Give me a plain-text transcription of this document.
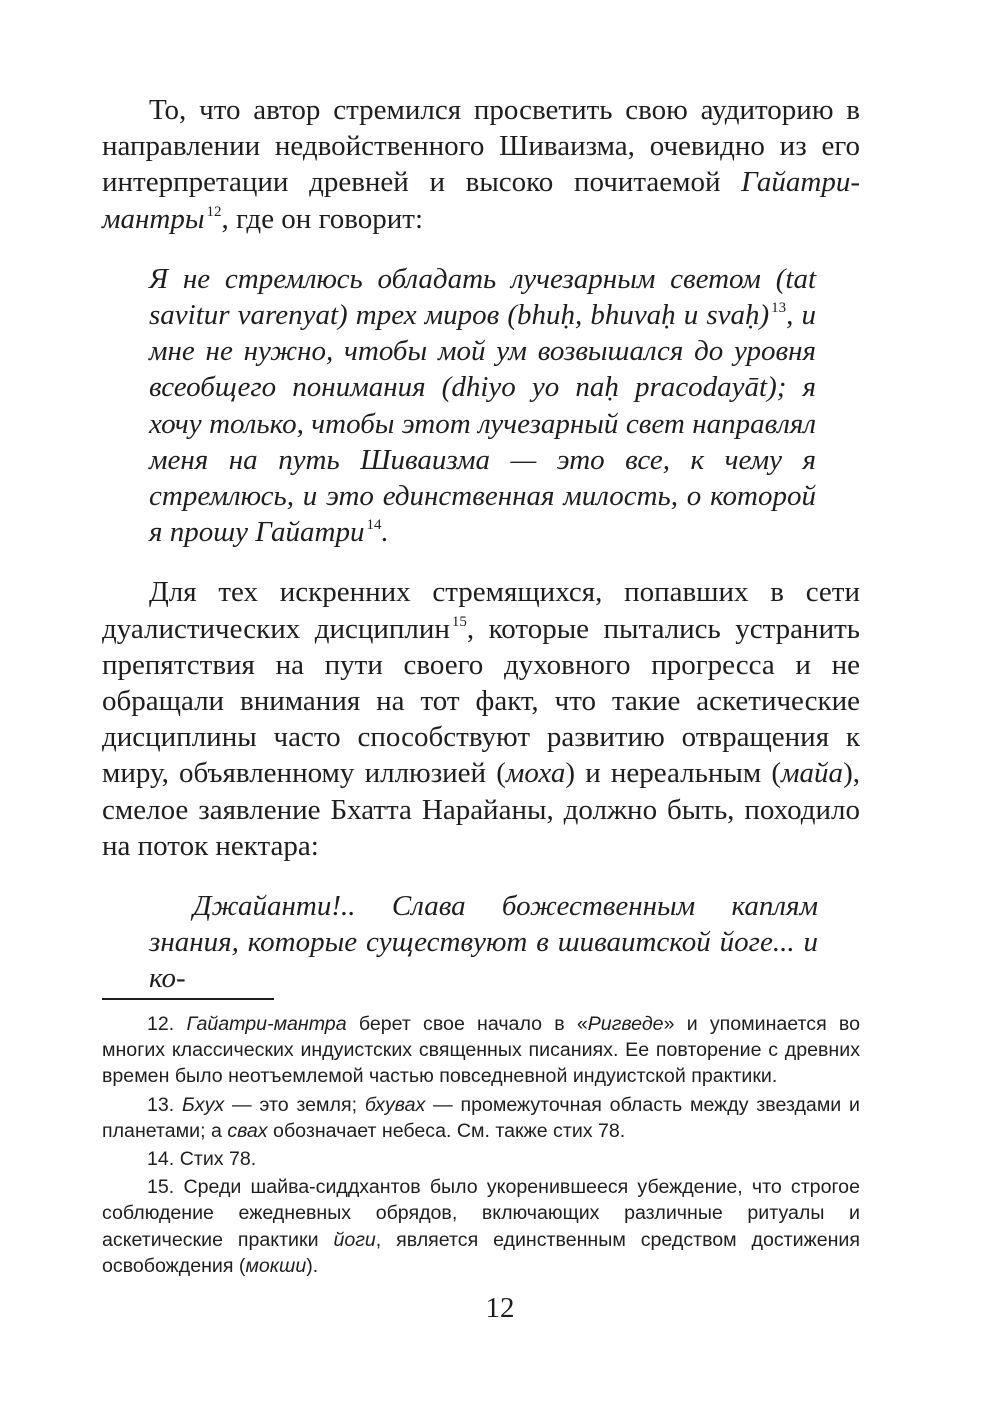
То, что автор стремился просветить свою аудиторию в направлении недвойственного Шиваизма, очевидно из его интерпретации древней и высоко почитаемой Гайатри-мантры $^{12}$, где он говорит:

Я не стремлюсь обладать лучезарным светом (tat savitur varenyat) трех миров (bhuḥ, bhuvaḥ и svaḥ) $^{13}$, и мне не нужно, чтобы мой ум возвышался до уровня всеобщего понимания (dhiyo yo naḥ pracodayāt); я хочу только, чтобы этот лучезарный свет направлял меня на путь Шиваизма — это все, к чему я стремлюсь, и это единственная милость, о которой я прошу Гайатри $^{14}$.

Для тех искренних стремящихся, попавших в сети дуалистических дисциплин $^{15}$, которые пытались устранить препятствия на пути своего духовного прогресса и не обращали внимания на тот факт, что такие аскетические дисциплины часто способствуют развитию отвращения к миру, объявленному иллюзией (моха) и нереальным (майа), смелое заявление Бхатта Нарайаны, должно быть, походило на поток нектара:

Джайанти!.. Слава божественным каплям знания, которые существуют в шиваитской йоге... и ко-

12. Гайатри-мантра берет свое начало в «Ригведе» и упоминается во многих классических индуистских священных писаниях. Ее повторение с древних времен было неотъемлемой частью повседневной индуистской практики.

13. Бхух — это земля; бхувах — промежуточная область между звездами и планетами; а свах обозначает небеса. См. также стих 78.

14. Стих 78.

15. Среди шайва-сиддхантов было укоренившееся убеждение, что строгое соблюдение ежедневных обрядов, включающих различные ритуалы и аскетические практики йоги, является единственным средством достижения освобождения (мокши).

12
